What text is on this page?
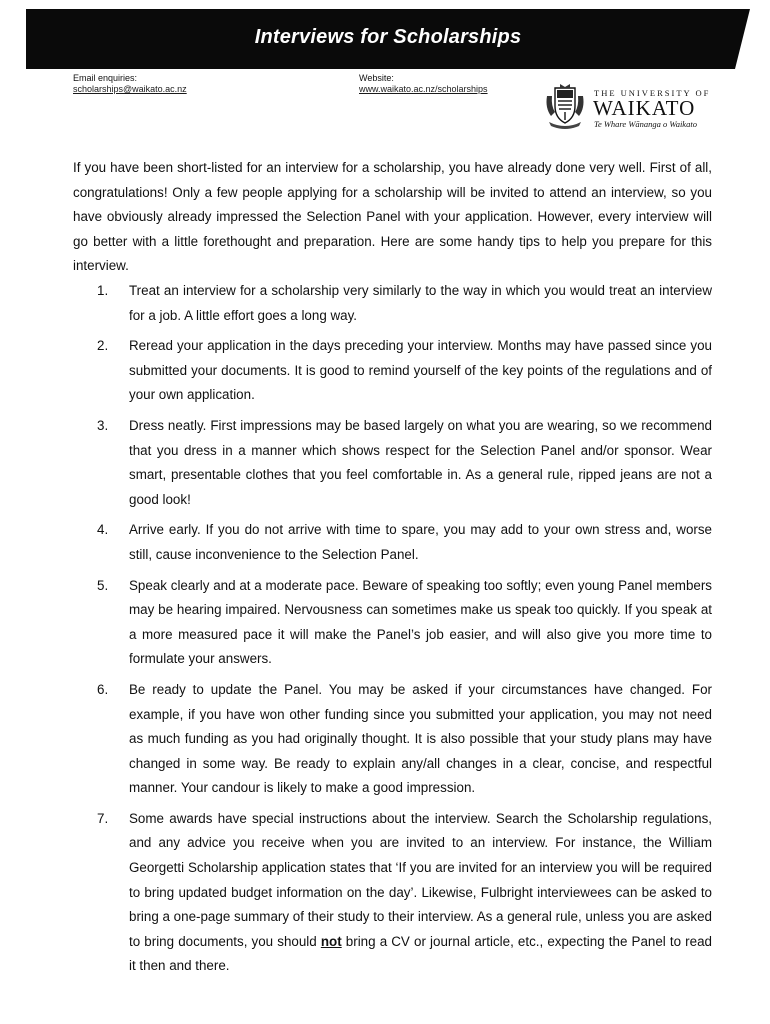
Interviews for Scholarships
Email enquiries:
scholarships@waikato.ac.nz
Website:
www.waikato.ac.nz/scholarships	THE UNIVERSITY OF
WAIKATO
Te Whare Wānanga o Waikato

If you have been short-listed for an interview for a scholarship, you have already done very well. First of all, congratulations! Only a few people applying for a scholarship will be invited to attend an interview, so you have obviously already impressed the Selection Panel with your application. However, every interview will go better with a little forethought and preparation. Here are some handy tips to help you prepare for this interview.

1.	Treat an interview for a scholarship very similarly to the way in which you would treat an interview for a job. A little effort goes a long way.
2.	Reread your application in the days preceding your interview. Months may have passed since you submitted your documents. It is good to remind yourself of the key points of the regulations and of your own application.
3.	Dress neatly. First impressions may be based largely on what you are wearing, so we recommend that you dress in a manner which shows respect for the Selection Panel and/or sponsor. Wear smart, presentable clothes that you feel comfortable in. As a general rule, ripped jeans are not a good look!
4.	Arrive early. If you do not arrive with time to spare, you may add to your own stress and, worse still, cause inconvenience to the Selection Panel.
5.	Speak clearly and at a moderate pace. Beware of speaking too softly; even young Panel members may be hearing impaired. Nervousness can sometimes make us speak too quickly. If you speak at a more measured pace it will make the Panel’s job easier, and will also give you more time to formulate your answers.
6.	Be ready to update the Panel. You may be asked if your circumstances have changed. For example, if you have won other funding since you submitted your application, you may not need as much funding as you had originally thought. It is also possible that your study plans may have changed in some way. Be ready to explain any/all changes in a clear, concise, and respectful manner. Your candour is likely to make a good impression.
7.	Some awards have special instructions about the interview. Search the Scholarship regulations, and any advice you receive when you are invited to an interview. For instance, the William Georgetti Scholarship application states that ‘If you are invited for an interview you will be required to bring updated budget information on the day’. Likewise, Fulbright interviewees can be asked to bring a one-page summary of their study to their interview. As a general rule, unless you are asked to bring documents, you should not bring a CV or journal article, etc., expecting the Panel to read it then and there.
